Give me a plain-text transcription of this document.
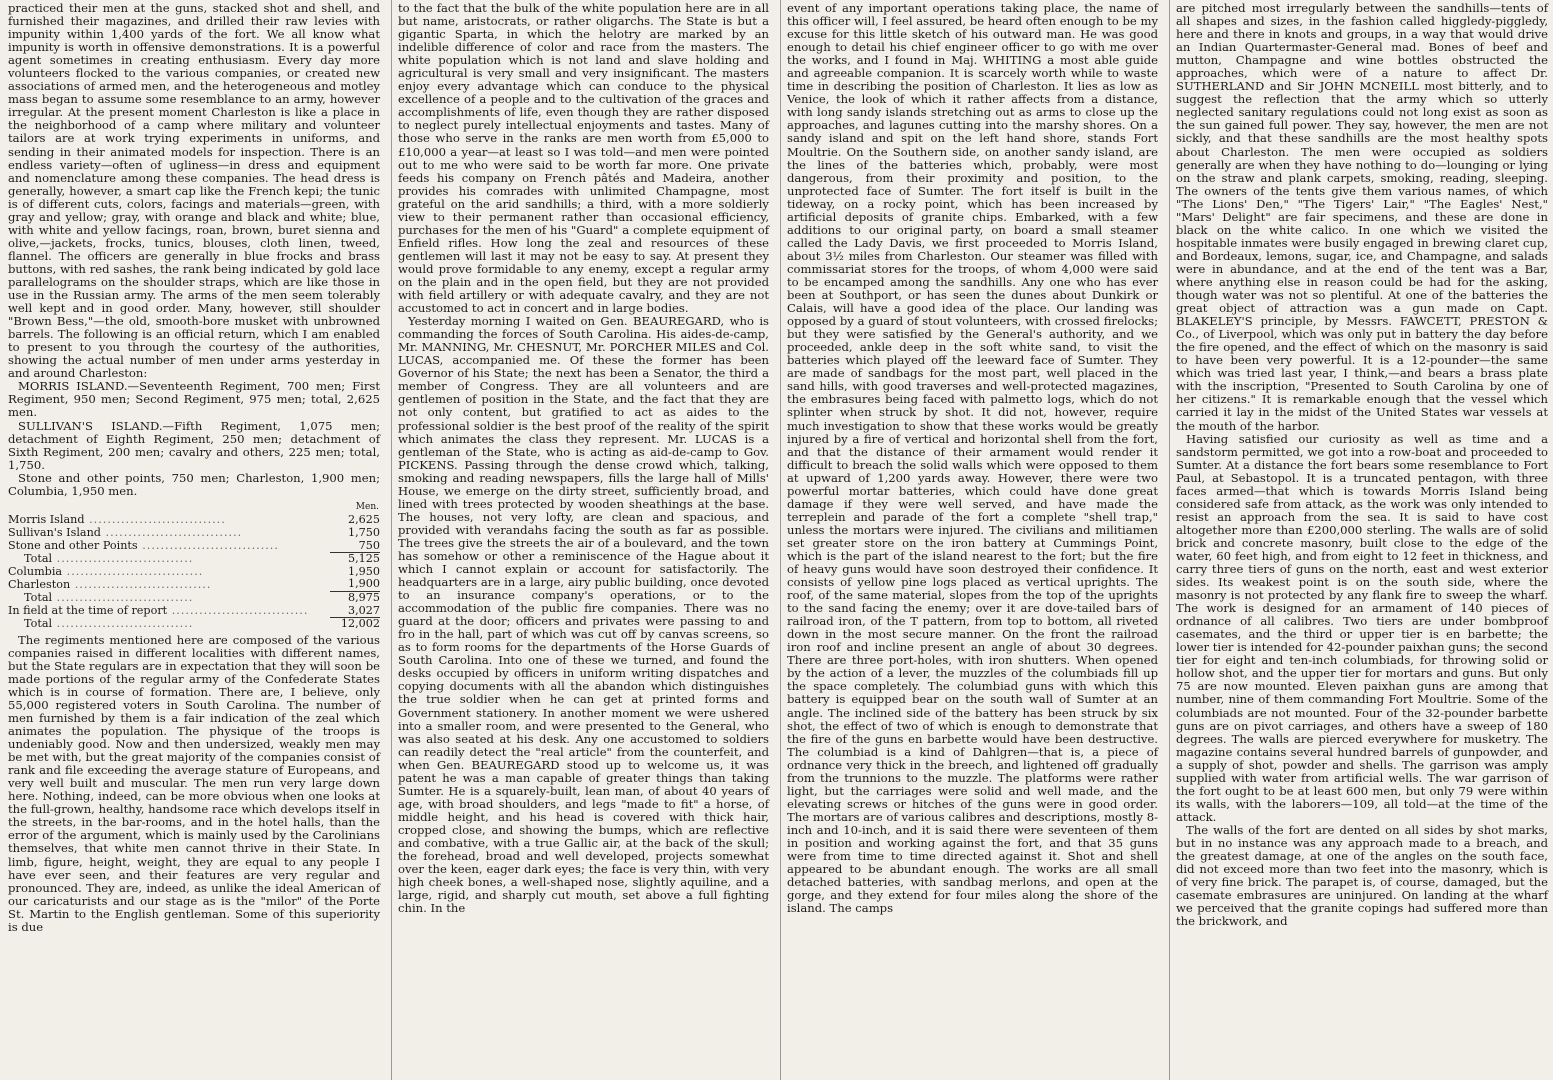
practiced their men at the guns, stacked shot and shell, and furnished their magazines, and drilled their raw levies with impunity within 1,400 yards of the fort. We all know what impunity is worth in offensive demonstrations. It is a powerful agent sometimes in creating enthusiasm. Every day more volunteers flocked to the various companies, or created new associations of armed men, and the heterogeneous and motley mass began to assume some resemblance to an army, however irregular. At the present moment Charleston is like a place in the neighborhood of a camp where military and volunteer tailors are at work trying experiments in uniforms, and sending in their animated models for inspection. There is an endless variety—often of ugliness—in dress and equipment and nomenclature among these companies. The head dress is generally, however, a smart cap like the French kepi; the tunic is of different cuts, colors, facings and materials—green, with gray and yellow; gray, with orange and black and white; blue, with white and yellow facings, roan, brown, buret sienna and olive,—jackets, frocks, tunics, blouses, cloth linen, tweed, flannel. The officers are generally in blue frocks and brass buttons, with red sashes, the rank being indicated by gold lace parallelograms on the shoulder straps, which are like those in use in the Russian army. The arms of the men seem tolerably well kept and in good order. Many, however, still shoulder "Brown Bess,"—the old, smooth-bore musket with unbrowned barrels. The following is an official return, which I am enabled to present to you through the courtesy of the authorities, showing the actual number of men under arms yesterday in and around Charleston:

MORRIS ISLAND.—Seventeenth Regiment, 700 men; First Regiment, 950 men; Second Regiment, 975 men; total, 2,625 men.

SULLIVAN'S ISLAND.—Fifth Regiment, 1,075 men; detachment of Eighth Regiment, 250 men; detachment of Sixth Regiment, 200 men; cavalry and others, 225 men; total, 1,750.

Stone and other points, 750 men; Charleston, 1,900 men; Columbia, 1,950 men.

	Men.
Morris Island ..............................	2,625
Sullivan's Island ..............................	1,750
Stone and other Points ..............................	750
Total ..............................	5,125
Columbia ..............................	1,950
Charleston ..............................	1,900
Total ..............................	8,975
In field at the time of report ..............................	3,027
Total ..............................	12,002

The regiments mentioned here are composed of the various companies raised in different localities with different names, but the State regulars are in expectation that they will soon be made portions of the regular army of the Confederate States which is in course of formation. There are, I believe, only 55,000 registered voters in South Carolina. The number of men furnished by them is a fair indication of the zeal which animates the population. The physique of the troops is undeniably good. Now and then undersized, weakly men may be met with, but the great majority of the companies consist of rank and file exceeding the average stature of Europeans, and very well built and muscular. The men run very large down here. Nothing, indeed, can be more obvious when one looks at the full-grown, healthy, handsome race which develops itself in the streets, in the bar-rooms, and in the hotel halls, than the error of the argument, which is mainly used by the Carolinians themselves, that white men cannot thrive in their State. In limb, figure, height, weight, they are equal to any people I have ever seen, and their features are very regular and pronounced. They are, indeed, as unlike the ideal American of our caricaturists and our stage as is the "milor" of the Porte St. Martin to the English gentleman. Some of this superiority is due

to the fact that the bulk of the white population here are in all but name, aristocrats, or rather oligarchs. The State is but a gigantic Sparta, in which the helotry are marked by an indelible difference of color and race from the masters. The white population which is not land and slave holding and agricultural is very small and very insignificant. The masters enjoy every advantage which can conduce to the physical excellence of a people and to the cultivation of the graces and accomplishments of life, even though they are rather disposed to neglect purely intellectual enjoyments and tastes. Many of those who serve in the ranks are men worth from £5,000 to £10,000 a year—at least so I was told—and men were pointed out to me who were said to be worth far more. One private feeds his company on French pâtés and Madeira, another provides his comrades with unlimited Champagne, most grateful on the arid sandhills; a third, with a more soldierly view to their permanent rather than occasional efficiency, purchases for the men of his "Guard" a complete equipment of Enfield rifles. How long the zeal and resources of these gentlemen will last it may not be easy to say. At present they would prove formidable to any enemy, except a regular army on the plain and in the open field, but they are not provided with field artillery or with adequate cavalry, and they are not accustomed to act in concert and in large bodies.

Yesterday morning I waited on Gen. BEAUREGARD, who is commanding the forces of South Carolina. His aides-de-camp, Mr. MANNING, Mr. CHESNUT, Mr. PORCHER MILES and Col. LUCAS, accompanied me. Of these the former has been Governor of his State; the next has been a Senator, the third a member of Congress. They are all volunteers and are gentlemen of position in the State, and the fact that they are not only content, but gratified to act as aides to the professional soldier is the best proof of the reality of the spirit which animates the class they represent. Mr. LUCAS is a gentleman of the State, who is acting as aid-de-camp to Gov. PICKENS. Passing through the dense crowd which, talking, smoking and reading newspapers, fills the large hall of Mills' House, we emerge on the dirty street, sufficiently broad, and lined with trees protected by wooden sheathings at the base. The houses, not very lofty, are clean and spacious, and provided with verandahs facing the south as far as possible. The trees give the streets the air of a boulevard, and the town has somehow or other a reminiscence of the Hague about it which I cannot explain or account for satisfactorily. The headquarters are in a large, airy public building, once devoted to an insurance company's operations, or to the accommodation of the public fire companies. There was no guard at the door; officers and privates were passing to and fro in the hall, part of which was cut off by canvas screens, so as to form rooms for the departments of the Horse Guards of South Carolina. Into one of these we turned, and found the desks occupied by officers in uniform writing dispatches and copying documents with all the abandon which distinguishes the true soldier when he can get at printed forms and Government stationery. In another moment we were ushered into a smaller room, and were presented to the General, who was also seated at his desk. Any one accustomed to soldiers can readily detect the "real article" from the counterfeit, and when Gen. BEAUREGARD stood up to welcome us, it was patent he was a man capable of greater things than taking Sumter. He is a squarely-built, lean man, of about 40 years of age, with broad shoulders, and legs "made to fit" a horse, of middle height, and his head is covered with thick hair, cropped close, and showing the bumps, which are reflective and combative, with a true Gallic air, at the back of the skull; the forehead, broad and well developed, projects somewhat over the keen, eager dark eyes; the face is very thin, with very high cheek bones, a well-shaped nose, slightly aquiline, and a large, rigid, and sharply cut mouth, set above a full fighting chin. In the

event of any important operations taking place, the name of this officer will, I feel assured, be heard often enough to be my excuse for this little sketch of his outward man. He was good enough to detail his chief engineer officer to go with me over the works, and I found in Maj. WHITING a most able guide and agreeable companion. It is scarcely worth while to waste time in describing the position of Charleston. It lies as low as Venice, the look of which it rather affects from a distance, with long sandy islands stretching out as arms to close up the approaches, and lagunes cutting into the marshy shores. On a sandy island and spit on the left hand shore, stands Fort Moultrie. On the Southern side, on another sandy island, are the lines of the batteries which, probably, were most dangerous, from their proximity and position, to the unprotected face of Sumter. The fort itself is built in the tideway, on a rocky point, which has been increased by artificial deposits of granite chips. Embarked, with a few additions to our original party, on board a small steamer called the Lady Davis, we first proceeded to Morris Island, about 3½ miles from Charleston. Our steamer was filled with commissariat stores for the troops, of whom 4,000 were said to be encamped among the sandhills. Any one who has ever been at Southport, or has seen the dunes about Dunkirk or Calais, will have a good idea of the place. Our landing was opposed by a guard of stout volunteers, with crossed firelocks; but they were satisfied by the General's authority, and we proceeded, ankle deep in the soft white sand, to visit the batteries which played off the leeward face of Sumter. They are made of sandbags for the most part, well placed in the sand hills, with good traverses and well-protected magazines, the embrasures being faced with palmetto logs, which do not splinter when struck by shot. It did not, however, require much investigation to show that these works would be greatly injured by a fire of vertical and horizontal shell from the fort, and that the distance of their armament would render it difficult to breach the solid walls which were opposed to them at upward of 1,200 yards away. However, there were two powerful mortar batteries, which could have done great damage if they were well served, and have made the terreplein and parade of the fort a complete "shell trap," unless the mortars were injured. The civilians and militiamen set greater store on the iron battery at Cummings Point, which is the part of the island nearest to the fort; but the fire of heavy guns would have soon destroyed their confidence. It consists of yellow pine logs placed as vertical uprights. The roof, of the same material, slopes from the top of the uprights to the sand facing the enemy; over it are dove-tailed bars of railroad iron, of the T pattern, from top to bottom, all riveted down in the most secure manner. On the front the railroad iron roof and incline present an angle of about 30 degrees. There are three port-holes, with iron shutters. When opened by the action of a lever, the muzzles of the columbiads fill up the space completely. The columbiad guns with which this battery is equipped bear on the south wall of Sumter at an angle. The inclined side of the battery has been struck by six shot, the effect of two of which is enough to demonstrate that the fire of the guns en barbette would have been destructive. The columbiad is a kind of Dahlgren—that is, a piece of ordnance very thick in the breech, and lightened off gradually from the trunnions to the muzzle. The platforms were rather light, but the carriages were solid and well made, and the elevating screws or hitches of the guns were in good order. The mortars are of various calibres and descriptions, mostly 8-inch and 10-inch, and it is said there were seventeen of them in position and working against the fort, and that 35 guns were from time to time directed against it. Shot and shell appeared to be abundant enough. The works are all small detached batteries, with sandbag merlons, and open at the gorge, and they extend for four miles along the shore of the island. The camps

are pitched most irregularly between the sandhills—tents of all shapes and sizes, in the fashion called higgledy-piggledy, here and there in knots and groups, in a way that would drive an Indian Quartermaster-General mad. Bones of beef and mutton, Champagne and wine bottles obstructed the approaches, which were of a nature to affect Dr. SUTHERLAND and Sir JOHN MCNEILL most bitterly, and to suggest the reflection that the army which so utterly neglected sanitary regulations could not long exist as soon as the sun gained full power. They say, however, the men are not sickly, and that these sandhills are the most healthy spots about Charleston. The men were occupied as soldiers generally are when they have nothing to do—lounging or lying on the straw and plank carpets, smoking, reading, sleeping. The owners of the tents give them various names, of which "The Lions' Den," "The Tigers' Lair," "The Eagles' Nest," "Mars' Delight" are fair specimens, and these are done in black on the white calico. In one which we visited the hospitable inmates were busily engaged in brewing claret cup, and Bordeaux, lemons, sugar, ice, and Champagne, and salads were in abundance, and at the end of the tent was a Bar, where anything else in reason could be had for the asking, though water was not so plentiful. At one of the batteries the great object of attraction was a gun made on Capt. BLAKELEY'S principle, by Messrs. FAWCETT, PRESTON & Co., of Liverpool, which was only put in battery the day before the fire opened, and the effect of which on the masonry is said to have been very powerful. It is a 12-pounder—the same which was tried last year, I think,—and bears a brass plate with the inscription, "Presented to South Carolina by one of her citizens." It is remarkable enough that the vessel which carried it lay in the midst of the United States war vessels at the mouth of the harbor.

Having satisfied our curiosity as well as time and a sandstorm permitted, we got into a row-boat and proceeded to Sumter. At a distance the fort bears some resemblance to Fort Paul, at Sebastopol. It is a truncated pentagon, with three faces armed—that which is towards Morris Island being considered safe from attack, as the work was only intended to resist an approach from the sea. It is said to have cost altogether more than £200,000 sterling. The walls are of solid brick and concrete masonry, built close to the edge of the water, 60 feet high, and from eight to 12 feet in thickness, and carry three tiers of guns on the north, east and west exterior sides. Its weakest point is on the south side, where the masonry is not protected by any flank fire to sweep the wharf. The work is designed for an armament of 140 pieces of ordnance of all calibres. Two tiers are under bombproof casemates, and the third or upper tier is en barbette; the lower tier is intended for 42-pounder paixhan guns; the second tier for eight and ten-inch columbiads, for throwing solid or hollow shot, and the upper tier for mortars and guns. But only 75 are now mounted. Eleven paixhan guns are among that number, nine of them commanding Fort Moultrie. Some of the columbiads are not mounted. Four of the 32-pounder barbette guns are on pivot carriages, and others have a sweep of 180 degrees. The walls are pierced everywhere for musketry. The magazine contains several hundred barrels of gunpowder, and a supply of shot, powder and shells. The garrison was amply supplied with water from artificial wells. The war garrison of the fort ought to be at least 600 men, but only 79 were within its walls, with the laborers—109, all told—at the time of the attack.

The walls of the fort are dented on all sides by shot marks, but in no instance was any approach made to a breach, and the greatest damage, at one of the angles on the south face, did not exceed more than two feet into the masonry, which is of very fine brick. The parapet is, of course, damaged, but the casemate embrasures are uninjured. On landing at the wharf we perceived that the granite copings had suffered more than the brickwork, and
